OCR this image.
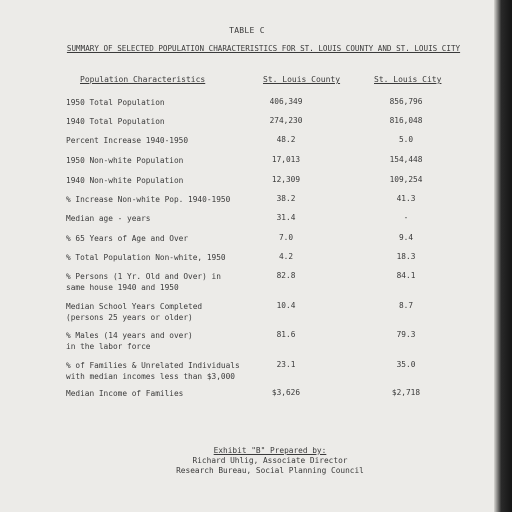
TABLE C
SUMMARY OF SELECTED POPULATION CHARACTERISTICS FOR ST. LOUIS COUNTY AND ST. LOUIS CITY
Population Characteristics	St. Louis County	St. Louis City
1950 Total Population	406,349	856,796
1940 Total Population	274,230	816,048
Percent Increase 1940-1950	48.2	5.0
1950 Non-white Population	17,013	154,448
1940 Non-white Population	12,309	109,254
% Increase Non-white Pop. 1940-1950	38.2	41.3
Median age - years	31.4	-
% 65 Years of Age and Over	7.0	9.4
% Total Population Non-white, 1950	4.2	18.3
% Persons (1 Yr. Old and Over) in
same house 1940 and 1950
82.8	84.1
Median School Years Completed
(persons 25 years or older)
10.4	8.7
% Males (14 years and over)
in the labor force
81.6	79.3
% of Families & Unrelated Individuals
with median incomes less than $3,000
23.1	35.0
Median Income of Families	$3,626	$2,718
Exhibit "B" Prepared by:
Richard Uhlig, Associate Director
Research Bureau, Social Planning Council
